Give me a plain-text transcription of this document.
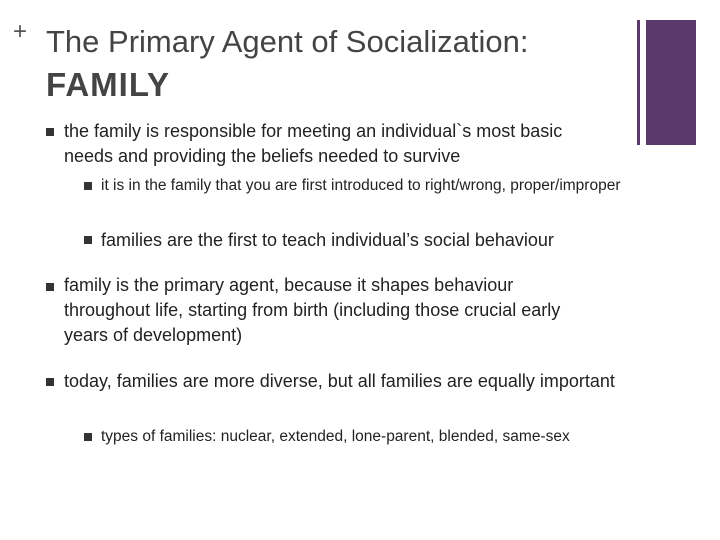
+ The Primary Agent of Socialization:
FAMILY
the family is responsible for meeting an individual`s most basic needs and providing the beliefs needed to survive
it is in the family that you are first introduced to right/wrong, proper/improper
families are the first to teach individual’s social behaviour
family is the primary agent, because it shapes behaviour throughout life, starting from birth (including those crucial early years of development)
today, families are more diverse, but all families are equally important
types of families: nuclear, extended, lone-parent, blended, same-sex
